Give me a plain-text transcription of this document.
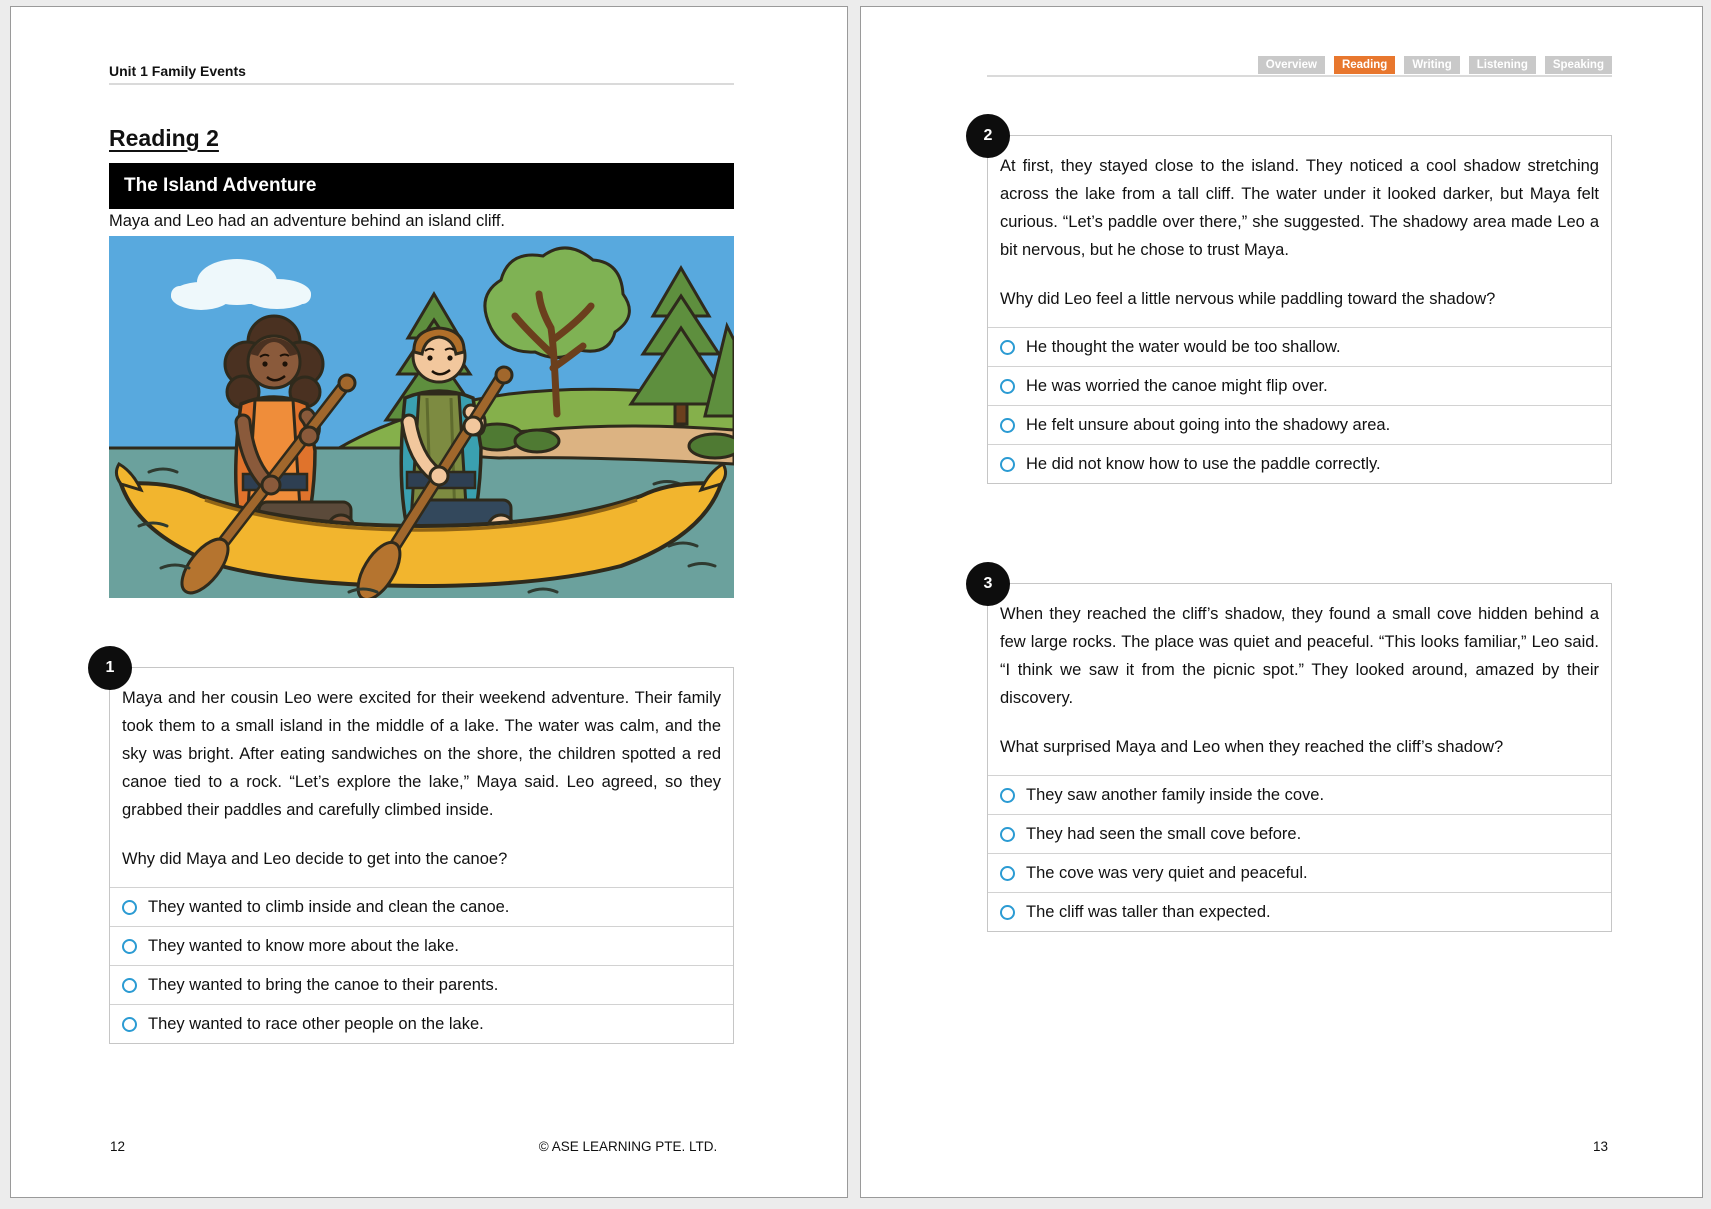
Unit 1 Family Events
Reading 2
The Island Adventure
Maya and Leo had an adventure behind an island cliff.
1
Maya and her cousin Leo were excited for their weekend adventure. Their family took them to a small island in the middle of a lake. The water was calm, and the sky was bright. After eating sandwiches on the shore, the children spotted a red canoe tied to a rock. “Let’s explore the lake,” Maya said. Leo agreed, so they grabbed their paddles and carefully climbed inside.
Why did Maya and Leo decide to get into the canoe?
They wanted to climb inside and clean the canoe.
They wanted to know more about the lake.
They wanted to bring the canoe to their parents.
They wanted to race other people on the lake.
12	© ASE LEARNING PTE. LTD.
Overview	Reading	Writing	Listening	Speaking
2
At first, they stayed close to the island. They noticed a cool shadow stretching across the lake from a tall cliff. The water under it looked darker, but Maya felt curious. “Let’s paddle over there,” she suggested. The shadowy area made Leo a bit nervous, but he chose to trust Maya.
Why did Leo feel a little nervous while paddling toward the shadow?
He thought the water would be too shallow.
He was worried the canoe might flip over.
He felt unsure about going into the shadowy area.
He did not know how to use the paddle correctly.
3
When they reached the cliff’s shadow, they found a small cove hidden behind a few large rocks. The place was quiet and peaceful. “This looks familiar,” Leo said. “I think we saw it from the picnic spot.” They looked around, amazed by their discovery.
What surprised Maya and Leo when they reached the cliff’s shadow?
They saw another family inside the cove.
They had seen the small cove before.
The cove was very quiet and peaceful.
The cliff was taller than expected.
13
